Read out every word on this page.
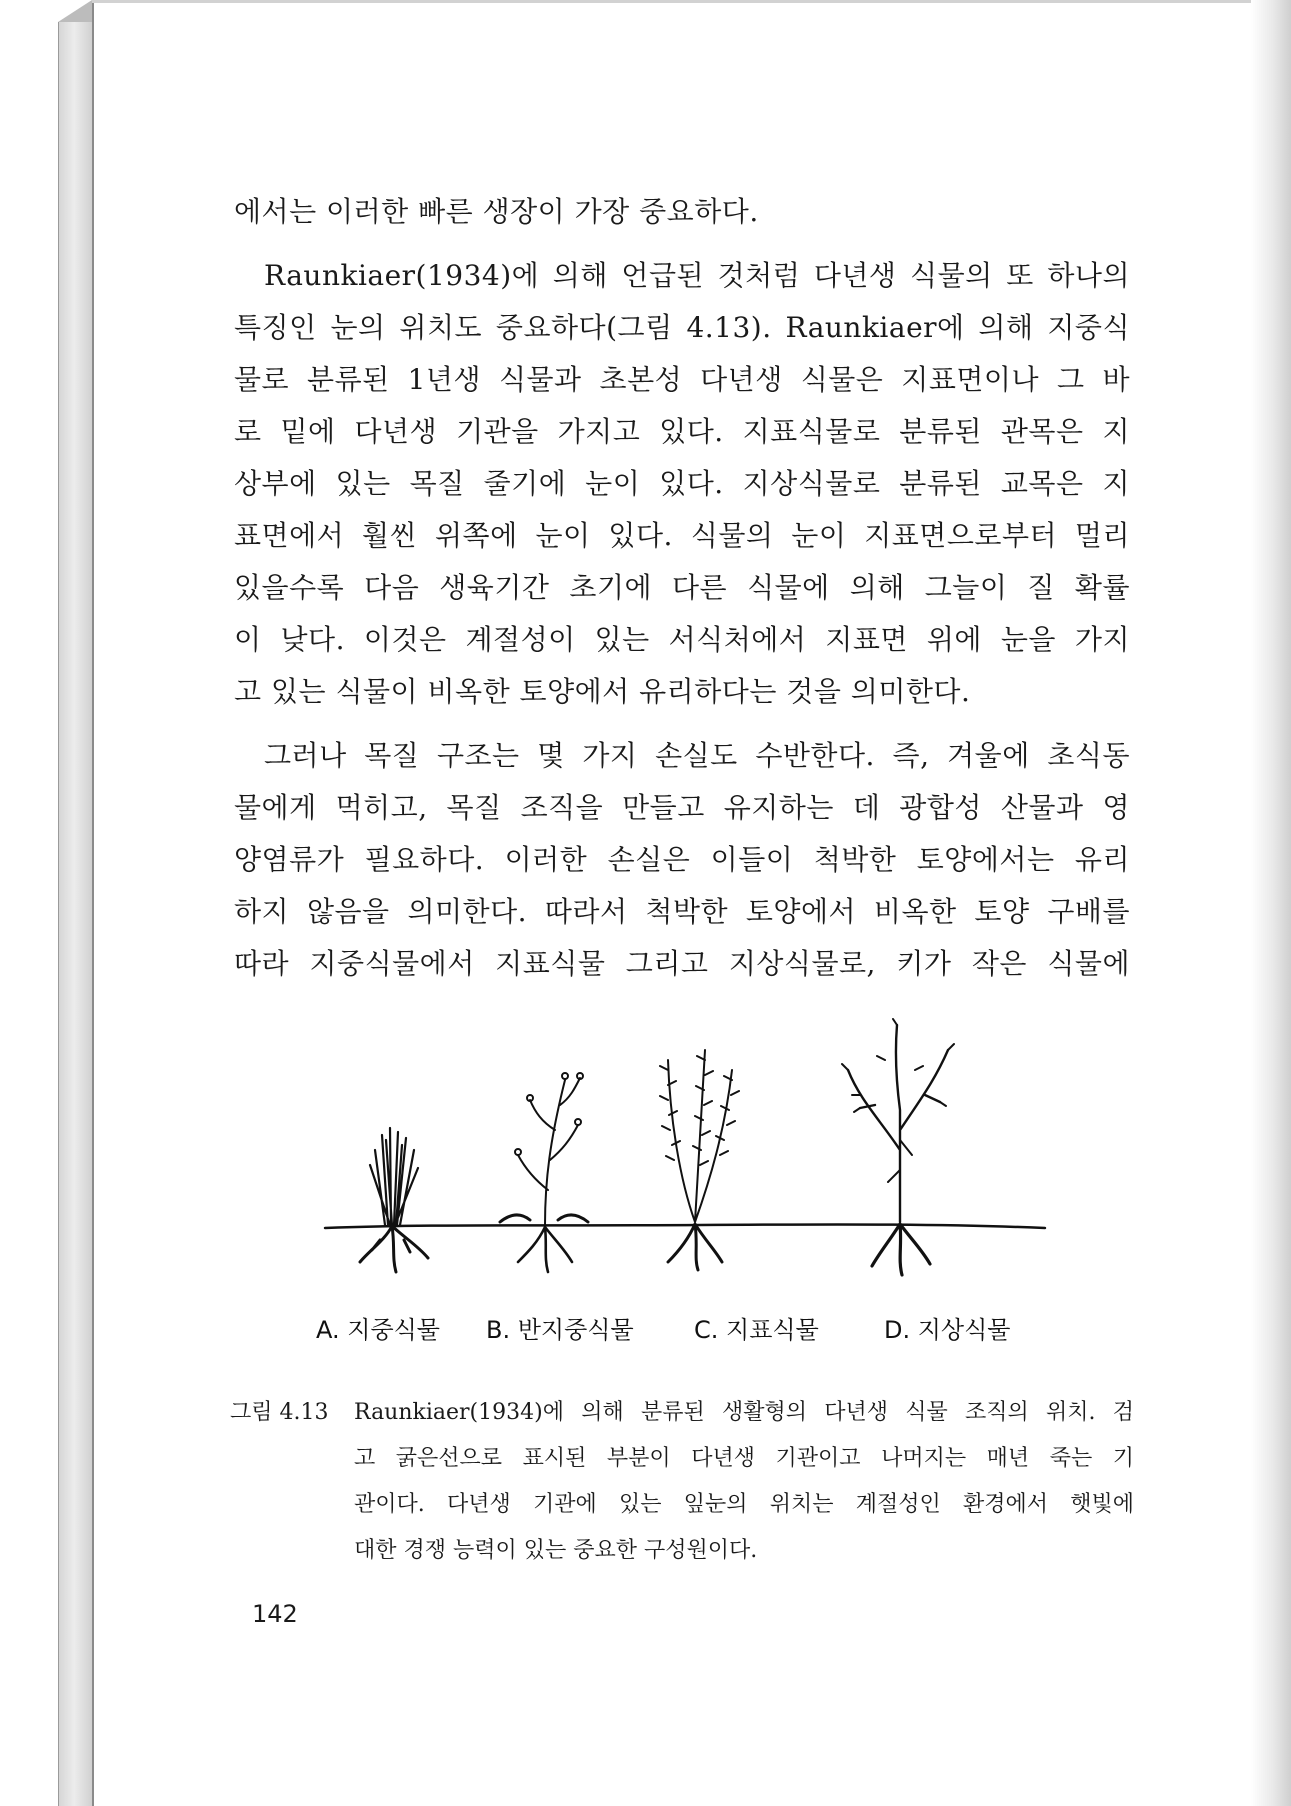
에서는 이러한 빠른 생장이 가장 중요하다.
Raunkiaer(1934)에 의해 언급된 것처럼 다년생 식물의 또 하나의
특징인 눈의 위치도 중요하다(그림 4.13). Raunkiaer에 의해 지중식
물로 분류된 1년생 식물과 초본성 다년생 식물은 지표면이나 그 바
로 밑에 다년생 기관을 가지고 있다. 지표식물로 분류된 관목은 지
상부에 있는 목질 줄기에 눈이 있다. 지상식물로 분류된 교목은 지
표면에서 훨씬 위쪽에 눈이 있다. 식물의 눈이 지표면으로부터 멀리
있을수록 다음 생육기간 초기에 다른 식물에 의해 그늘이 질 확률
이 낮다. 이것은 계절성이 있는 서식처에서 지표면 위에 눈을 가지
고 있는 식물이 비옥한 토양에서 유리하다는 것을 의미한다.
그러나 목질 구조는 몇 가지 손실도 수반한다. 즉, 겨울에 초식동
물에게 먹히고, 목질 조직을 만들고 유지하는 데 광합성 산물과 영
양염류가 필요하다. 이러한 손실은 이들이 척박한 토양에서는 유리
하지 않음을 의미한다. 따라서 척박한 토양에서 비옥한 토양 구배를
따라 지중식물에서 지표식물 그리고 지상식물로, 키가 작은 식물에
A. 지중식물 B. 반지중식물	C. 지표식물	D. 지상식물
그림 4.13 Raunkiaer(1934)에 의해 분류된 생활형의 다년생 식물 조직의 위치. 검
고 굵은선으로 표시된 부분이 다년생 기관이고 나머지는 매년 죽는 기
관이다. 다년생 기관에 있는 잎눈의 위치는 계절성인 환경에서 햇빛에
대한 경쟁 능력이 있는 중요한 구성원이다.
142
